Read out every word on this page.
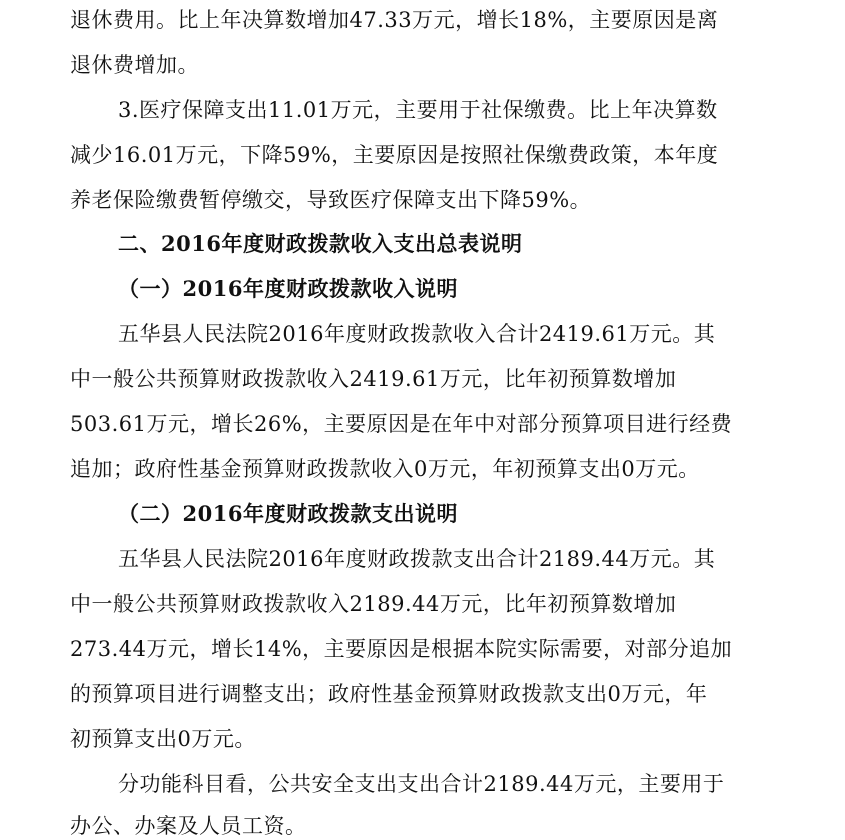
退休费用。比上年决算数增加47.33万元，增长18%，主要原因是离
退休费增加。
3.医疗保障支出11.01万元，主要用于社保缴费。比上年决算数
减少16.01万元，下降59%，主要原因是按照社保缴费政策，本年度
养老保险缴费暂停缴交，导致医疗保障支出下降59%。
二、2016年度财政拨款收入支出总表说明
（一）2016年度财政拨款收入说明
五华县人民法院2016年度财政拨款收入合计2419.61万元。其
中一般公共预算财政拨款收入2419.61万元，比年初预算数增加
503.61万元，增长26%，主要原因是在年中对部分预算项目进行经费
追加；政府性基金预算财政拨款收入0万元，年初预算支出0万元。
（二）2016年度财政拨款支出说明
五华县人民法院2016年度财政拨款支出合计2189.44万元。其
中一般公共预算财政拨款收入2189.44万元，比年初预算数增加
273.44万元，增长14%，主要原因是根据本院实际需要，对部分追加
的预算项目进行调整支出；政府性基金预算财政拨款支出0万元，年
初预算支出0万元。
分功能科目看，公共安全支出支出合计2189.44万元，主要用于
办公、办案及人员工资。
